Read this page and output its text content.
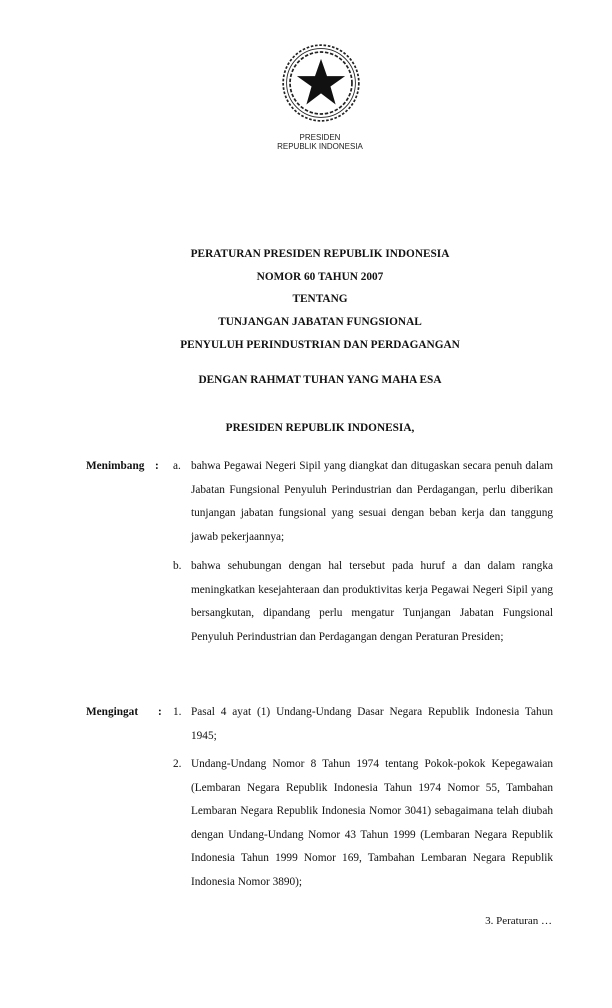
PRESIDEN
REPUBLIK INDONESIA
PERATURAN PRESIDEN REPUBLIK INDONESIA
NOMOR 60 TAHUN 2007
TENTANG
TUNJANGAN JABATAN FUNGSIONAL
PENYULUH PERINDUSTRIAN DAN PERDAGANGAN
DENGAN RAHMAT TUHAN YANG MAHA ESA
PRESIDEN REPUBLIK INDONESIA,
Menimbang : a. bahwa Pegawai Negeri Sipil yang diangkat dan ditugaskan secara penuh dalam Jabatan Fungsional Penyuluh Perindustrian dan Perdagangan, perlu diberikan tunjangan jabatan fungsional yang sesuai dengan beban kerja dan tanggung jawab pekerjaannya;
b. bahwa sehubungan dengan hal tersebut pada huruf a dan dalam rangka meningkatkan kesejahteraan dan produktivitas kerja Pegawai Negeri Sipil yang bersangkutan, dipandang perlu mengatur Tunjangan Jabatan Fungsional Penyuluh Perindustrian dan Perdagangan dengan Peraturan Presiden;
Mengingat : 1. Pasal 4 ayat (1) Undang-Undang Dasar Negara Republik Indonesia Tahun 1945;
2. Undang-Undang Nomor 8 Tahun 1974 tentang Pokok-pokok Kepegawaian (Lembaran Negara Republik Indonesia Tahun 1974 Nomor 55, Tambahan Lembaran Negara Republik Indonesia Nomor 3041) sebagaimana telah diubah dengan Undang-Undang Nomor 43 Tahun 1999 (Lembaran Negara Republik Indonesia Tahun 1999 Nomor 169, Tambahan Lembaran Negara Republik Indonesia Nomor 3890);
3. Peraturan …
